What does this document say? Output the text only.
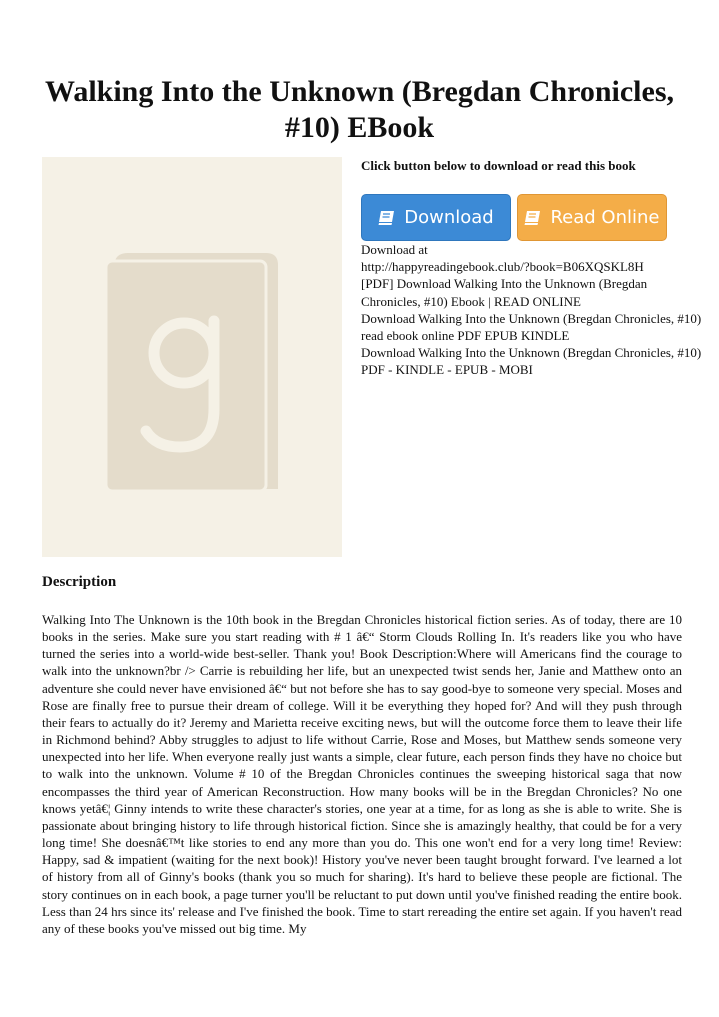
Walking Into the Unknown (Bregdan Chronicles, #10) EBook

Click button below to download or read this book

Download	Read Online
Download at
http://happyreadingebook.club/?book=B06XQSKL8H
[PDF] Download Walking Into the Unknown (Bregdan Chronicles, #10) Ebook | READ ONLINE
Download Walking Into the Unknown (Bregdan Chronicles, #10) read ebook online PDF EPUB KINDLE
Download Walking Into the Unknown (Bregdan Chronicles, #10) PDF - KINDLE - EPUB - MOBI
Description

Walking Into The Unknown is the 10th book in the Bregdan Chronicles historical fiction series. As of today, there are 10 books in the series. Make sure you start reading with # 1 â€“ Storm Clouds Rolling In. It's readers like you who have turned the series into a world-wide best-seller. Thank you! Book Description:Where will Americans find the courage to walk into the unknown?br /> Carrie is rebuilding her life, but an unexpected twist sends her, Janie and Matthew onto an adventure she could never have envisioned â€“ but not before she has to say good-bye to someone very special. Moses and Rose are finally free to pursue their dream of college. Will it be everything they hoped for? And will they push through their fears to actually do it? Jeremy and Marietta receive exciting news, but will the outcome force them to leave their life in Richmond behind? Abby struggles to adjust to life without Carrie, Rose and Moses, but Matthew sends someone very unexpected into her life. When everyone really just wants a simple, clear future, each person finds they have no choice but to walk into the unknown. Volume # 10 of the Bregdan Chronicles continues the sweeping historical saga that now encompasses the third year of American Reconstruction. How many books will be in the Bregdan Chronicles? No one knows yetâ€¦ Ginny intends to write these character's stories, one year at a time, for as long as she is able to write. She is passionate about bringing history to life through historical fiction. Since she is amazingly healthy, that could be for a very long time! She doesnâ€™t like stories to end any more than you do. This one won't end for a very long time! Review: Happy, sad & impatient (waiting for the next book)! History you've never been taught brought forward. I've learned a lot of history from all of Ginny's books (thank you so much for sharing). It's hard to believe these people are fictional. The story continues on in each book, a page turner you'll be reluctant to put down until you've finished reading the entire book. Less than 24 hrs since its' release and I've finished the book. Time to start rereading the entire set again. If you haven't read any of these books you've missed out big time. My
